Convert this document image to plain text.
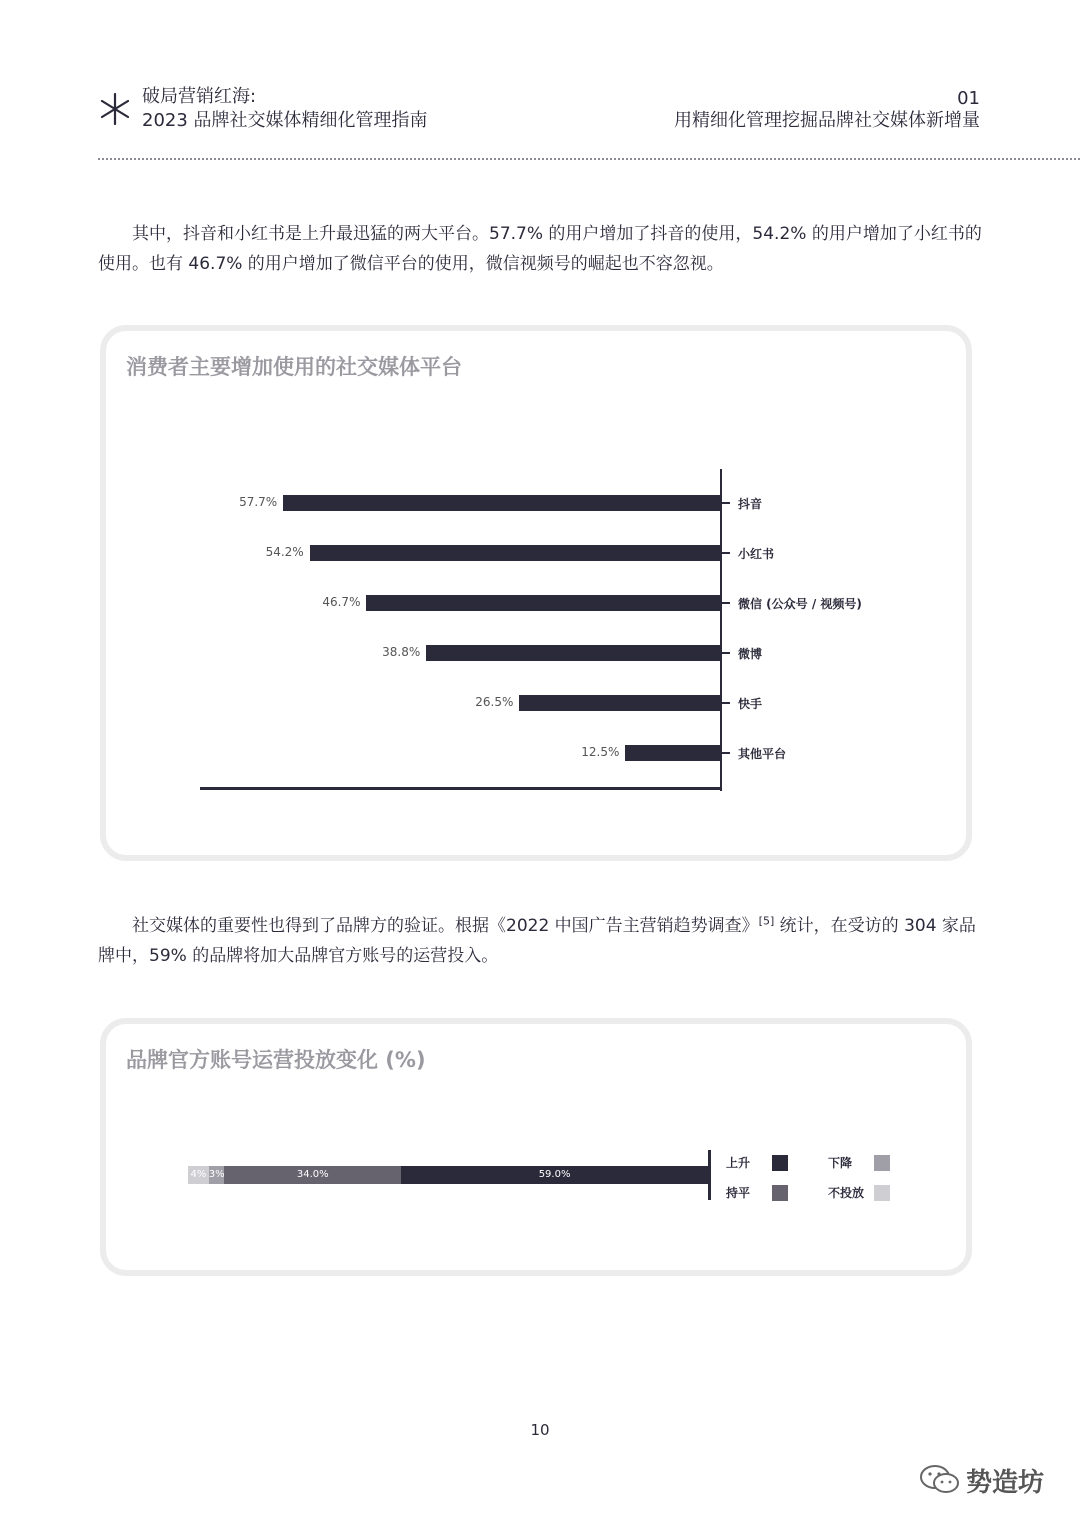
破局营销红海:
2023 品牌社交媒体精细化管理指南
01
用精细化管理挖掘品牌社交媒体新增量

其中，抖音和小红书是上升最迅猛的两大平台。57.7% 的用户增加了抖音的使用，54.2% 的用户增加了小红书的使用。也有 46.7% 的用户增加了微信平台的使用，微信视频号的崛起也不容忽视。

消费者主要增加使用的社交媒体平台
57.7%	抖音
54.2%	小红书
46.7%	微信 (公众号 / 视频号)
38.8%	微博
26.5%	快手
12.5%	其他平台

社交媒体的重要性也得到了品牌方的验证。根据《2022 中国广告主营销趋势调查》[5] 统计，在受访的 304 家品牌中，59% 的品牌将加大品牌官方账号的运营投入。

品牌官方账号运营投放变化 (%)
59.0%
34.0%
3%
4%
上升	下降
持平	不投放
10
势造坊
